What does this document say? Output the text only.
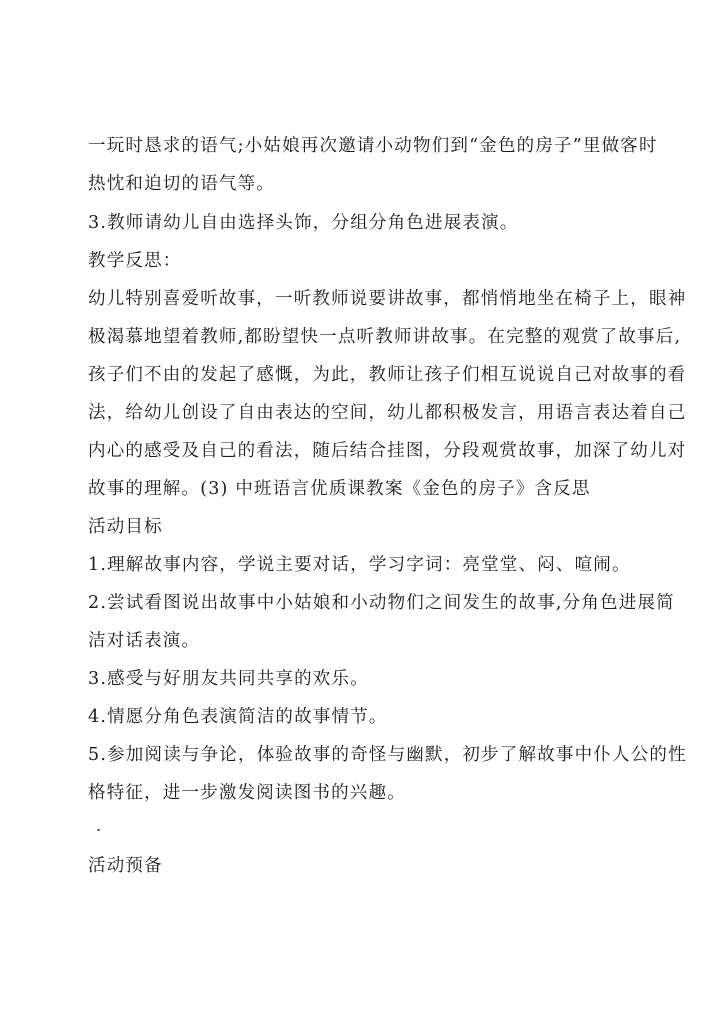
一玩时恳求的语气;小姑娘再次邀请小动物们到“金色的房子”里做客时
热忱和迫切的语气等。
3.教师请幼儿自由选择头饰，分组分角色进展表演。
教学反思：
幼儿特别喜爱听故事，一听教师说要讲故事，都悄悄地坐在椅子上，眼神
极渴慕地望着教师,都盼望快一点听教师讲故事。在完整的观赏了故事后,
孩子们不由的发起了感慨，为此，教师让孩子们相互说说自己对故事的看
法，给幼儿创设了自由表达的空间，幼儿都积极发言，用语言表达着自己
内心的感受及自己的看法，随后结合挂图，分段观赏故事，加深了幼儿对
故事的理解。(3) 中班语言优质课教案《金色的房子》含反思
活动目标
1.理解故事内容，学说主要对话，学习字词：亮堂堂、闷、喧闹。
2.尝试看图说出故事中小姑娘和小动物们之间发生的故事,分角色进展简
洁对话表演。
3.感受与好朋友共同共享的欢乐。
4.情愿分角色表演简洁的故事情节。
5.参加阅读与争论，体验故事的奇怪与幽默，初步了解故事中仆人公的性
格特征，进一步激发阅读图书的兴趣。
.
活动预备
